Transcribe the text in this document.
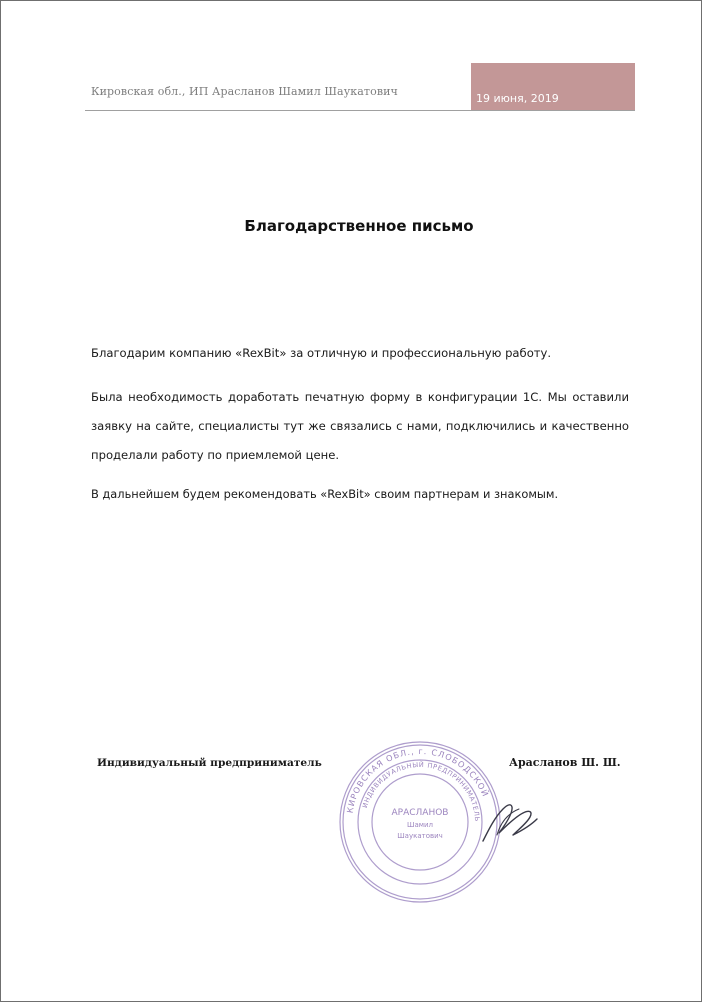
Кировская обл., ИП Арасланов Шамил Шаукатович
19 июня, 2019
Благодарственное письмо
Благодарим компанию «RexBit» за отличную и профессиональную работу.
Была необходимость доработать печатную форму в конфигурации 1С. Мы оставили заявку на сайте, специалисты тут же связались с нами, подключились и качественно проделали работу по приемлемой цене.
В дальнейшем будем рекомендовать «RexBit» своим партнерам и знакомым.
Индивидуальный предприниматель	Арасланов Ш. Ш.
КИРОВСКАЯ ОБЛ., г. СЛОБОДСКОЙ
ИНДИВИДУАЛЬНЫЙ ПРЕДПРИНИМАТЕЛЬ
АРАСЛАНОВ
Шамил
Шаукатович
